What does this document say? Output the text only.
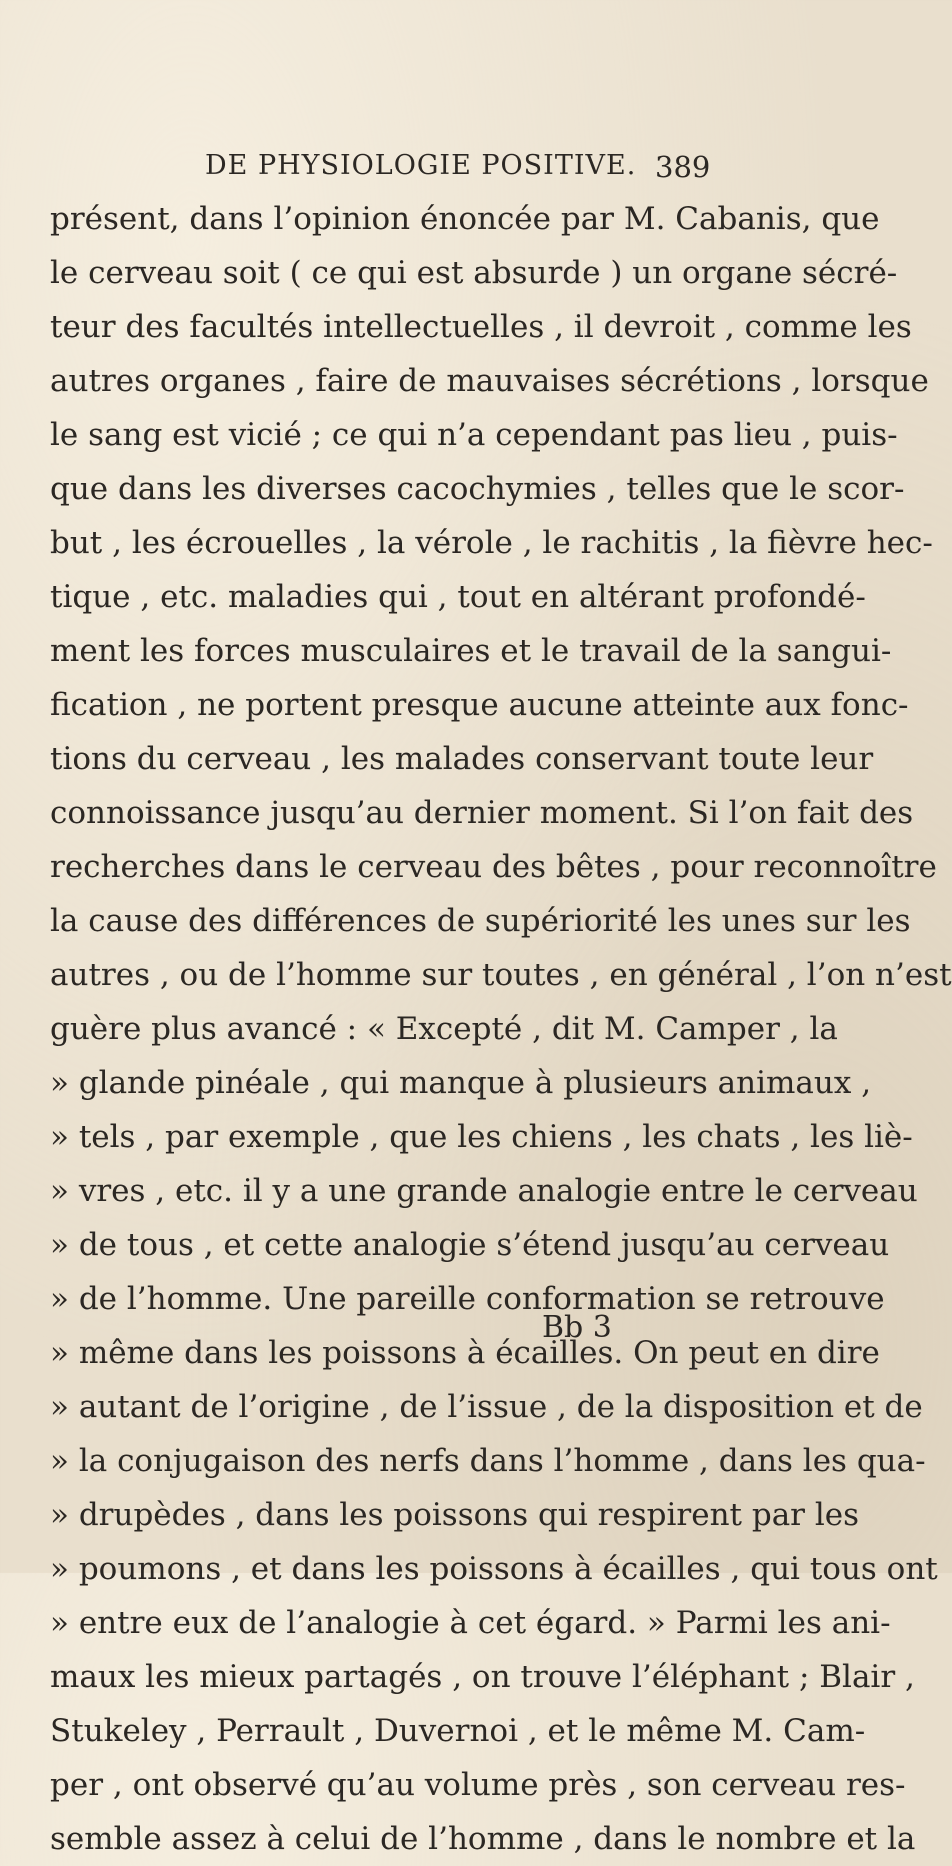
DE PHYSIOLOGIE POSITIVE. 389
présent, dans l’opinion énoncée par M. Cabanis, que
le cerveau soit ( ce qui est absurde ) un organe sécré-
teur des facultés intellectuelles , il devroit , comme les
autres organes , faire de mauvaises sécrétions , lorsque
le sang est vicié ; ce qui n’a cependant pas lieu , puis-
que dans les diverses cacochymies , telles que le scor-
but , les écrouelles , la vérole , le rachitis , la fièvre hec-
tique , etc. maladies qui , tout en altérant profondé-
ment les forces musculaires et le travail de la sangui-
fication , ne portent presque aucune atteinte aux fonc-
tions du cerveau , les malades conservant toute leur
connoissance jusqu’au dernier moment. Si l’on fait des
recherches dans le cerveau des bêtes , pour reconnoître
la cause des différences de supériorité les unes sur les
autres , ou de l’homme sur toutes , en général , l’on n’est
guère plus avancé : « Excepté , dit M. Camper , la
» glande pinéale , qui manque à plusieurs animaux ,
» tels , par exemple , que les chiens , les chats , les liè-
» vres , etc. il y a une grande analogie entre le cerveau
» de tous , et cette analogie s’étend jusqu’au cerveau
» de l’homme. Une pareille conformation se retrouve
» même dans les poissons à écailles. On peut en dire
» autant de l’origine , de l’issue , de la disposition et de
» la conjugaison des nerfs dans l’homme , dans les qua-
» drupèdes , dans les poissons qui respirent par les
» poumons , et dans les poissons à écailles , qui tous ont
» entre eux de l’analogie à cet égard. » Parmi les ani-
maux les mieux partagés , on trouve l’éléphant ; Blair ,
Stukeley , Perrault , Duvernoi , et le même M. Cam-
per , ont observé qu’au volume près , son cerveau res-
semble assez à celui de l’homme , dans le nombre et la
Bb 3
